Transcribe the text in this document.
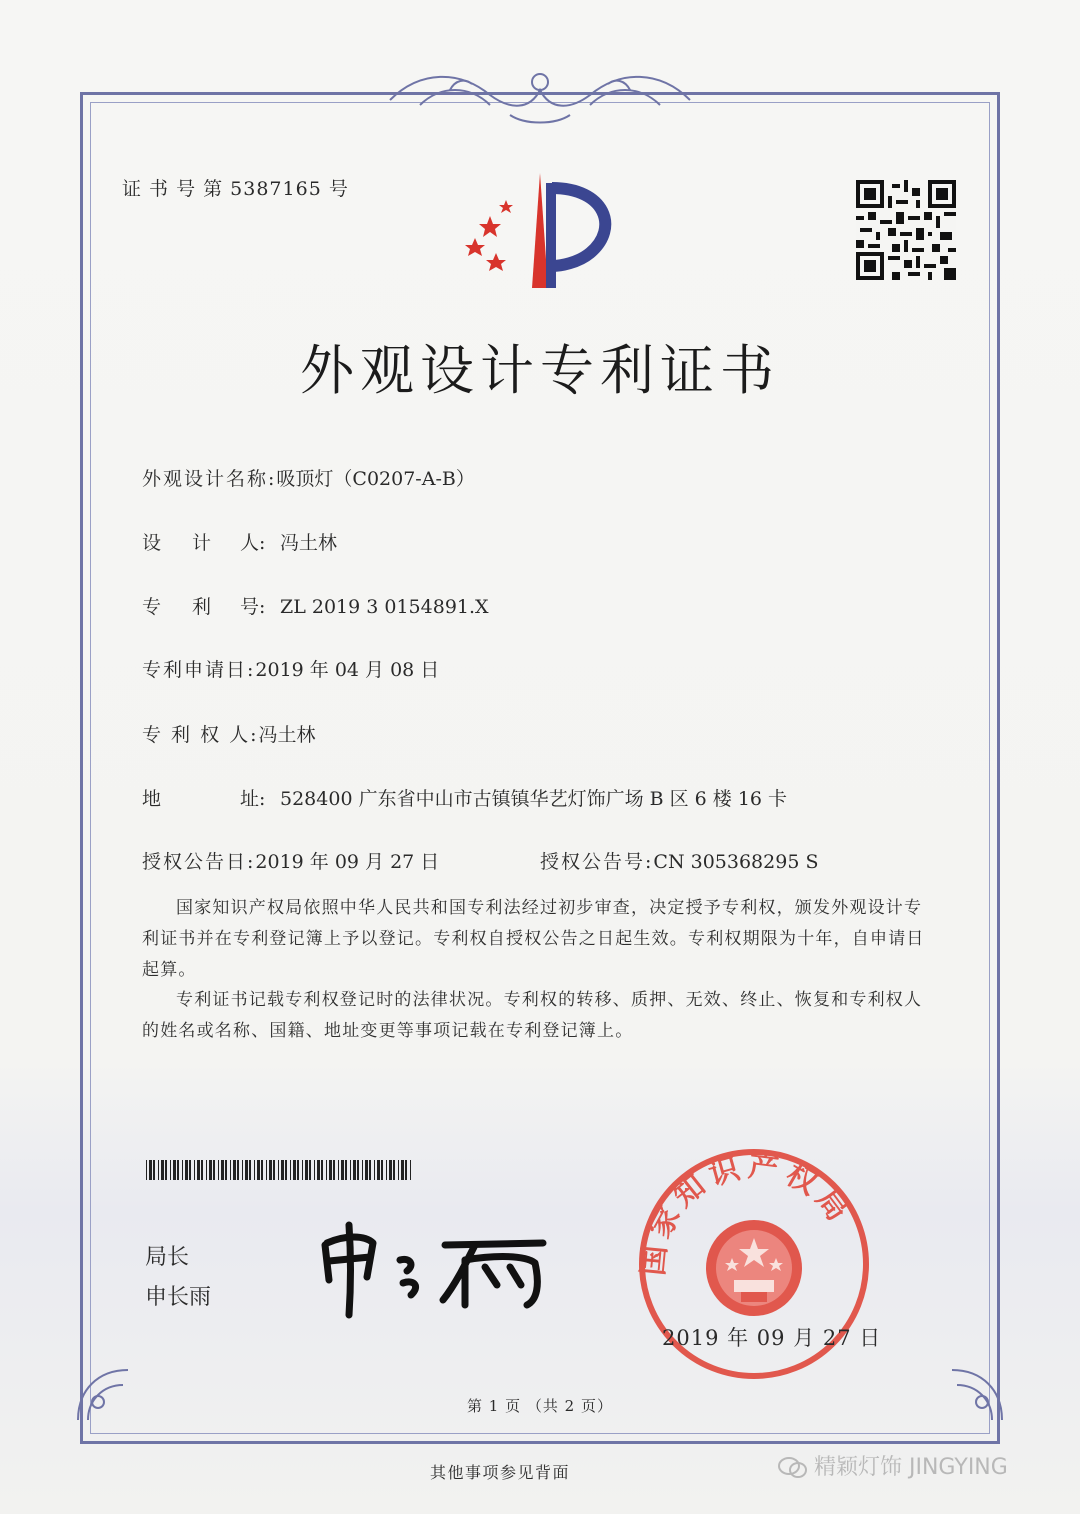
证 书 号 第 5387165 号
外观设计专利证书
外观设计名称:吸顶灯（C0207-A-B）
设 计 人: 冯土林
专 利 号: ZL 2019 3 0154891.X
专利申请日:2019 年 04 月 08 日
专 利 权 人:冯土林
地	址: 528400 广东省中山市古镇镇华艺灯饰广场 B 区 6 楼 16 卡
授权公告日:2019 年 09 月 27 日	授权公告号:CN 305368295 S
国家知识产权局依照中华人民共和国专利法经过初步审查，决定授予专利权，颁发外观设计专利证书并在专利登记簿上予以登记。专利权自授权公告之日起生效。专利权期限为十年，自申请日起算。
专利证书记载专利权登记时的法律状况。专利权的转移、质押、无效、终止、恢复和专利权人的姓名或名称、国籍、地址变更等事项记载在专利登记簿上。
局长
申长雨
国家知识产权局
2019 年 09 月 27 日
第 1 页 （共 2 页）
其他事项参见背面	精颖灯饰 JINGYING
